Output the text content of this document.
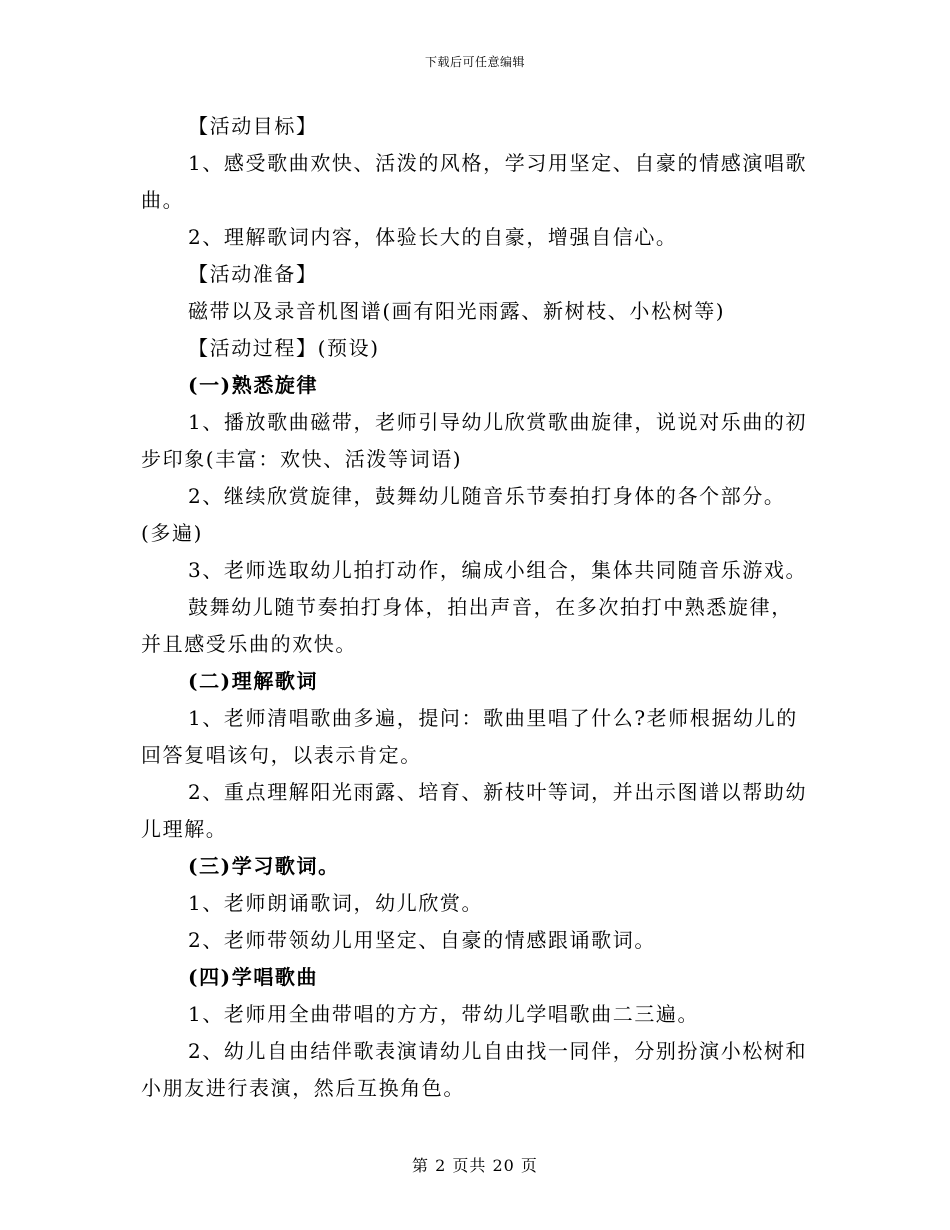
下载后可任意编辑

【活动目标】

1、感受歌曲欢快、活泼的风格，学习用坚定、自豪的情感演唱歌曲。

2、理解歌词内容，体验长大的自豪，增强自信心。

【活动准备】

磁带以及录音机图谱(画有阳光雨露、新树枝、小松树等)

【活动过程】(预设)

(一)熟悉旋律

1、播放歌曲磁带，老师引导幼儿欣赏歌曲旋律，说说对乐曲的初步印象(丰富：欢快、活泼等词语)

2、继续欣赏旋律，鼓舞幼儿随音乐节奏拍打身体的各个部分。

(多遍)

3、老师选取幼儿拍打动作，编成小组合，集体共同随音乐游戏。

鼓舞幼儿随节奏拍打身体，拍出声音，在多次拍打中熟悉旋律，并且感受乐曲的欢快。

(二)理解歌词

1、老师清唱歌曲多遍，提问：歌曲里唱了什么?老师根据幼儿的回答复唱该句，以表示肯定。

2、重点理解阳光雨露、培育、新枝叶等词，并出示图谱以帮助幼儿理解。

(三)学习歌词。

1、老师朗诵歌词，幼儿欣赏。

2、老师带领幼儿用坚定、自豪的情感跟诵歌词。

(四)学唱歌曲

1、老师用全曲带唱的方方，带幼儿学唱歌曲二三遍。

2、幼儿自由结伴歌表演请幼儿自由找一同伴，分别扮演小松树和小朋友进行表演，然后互换角色。

第 2 页共 20 页
